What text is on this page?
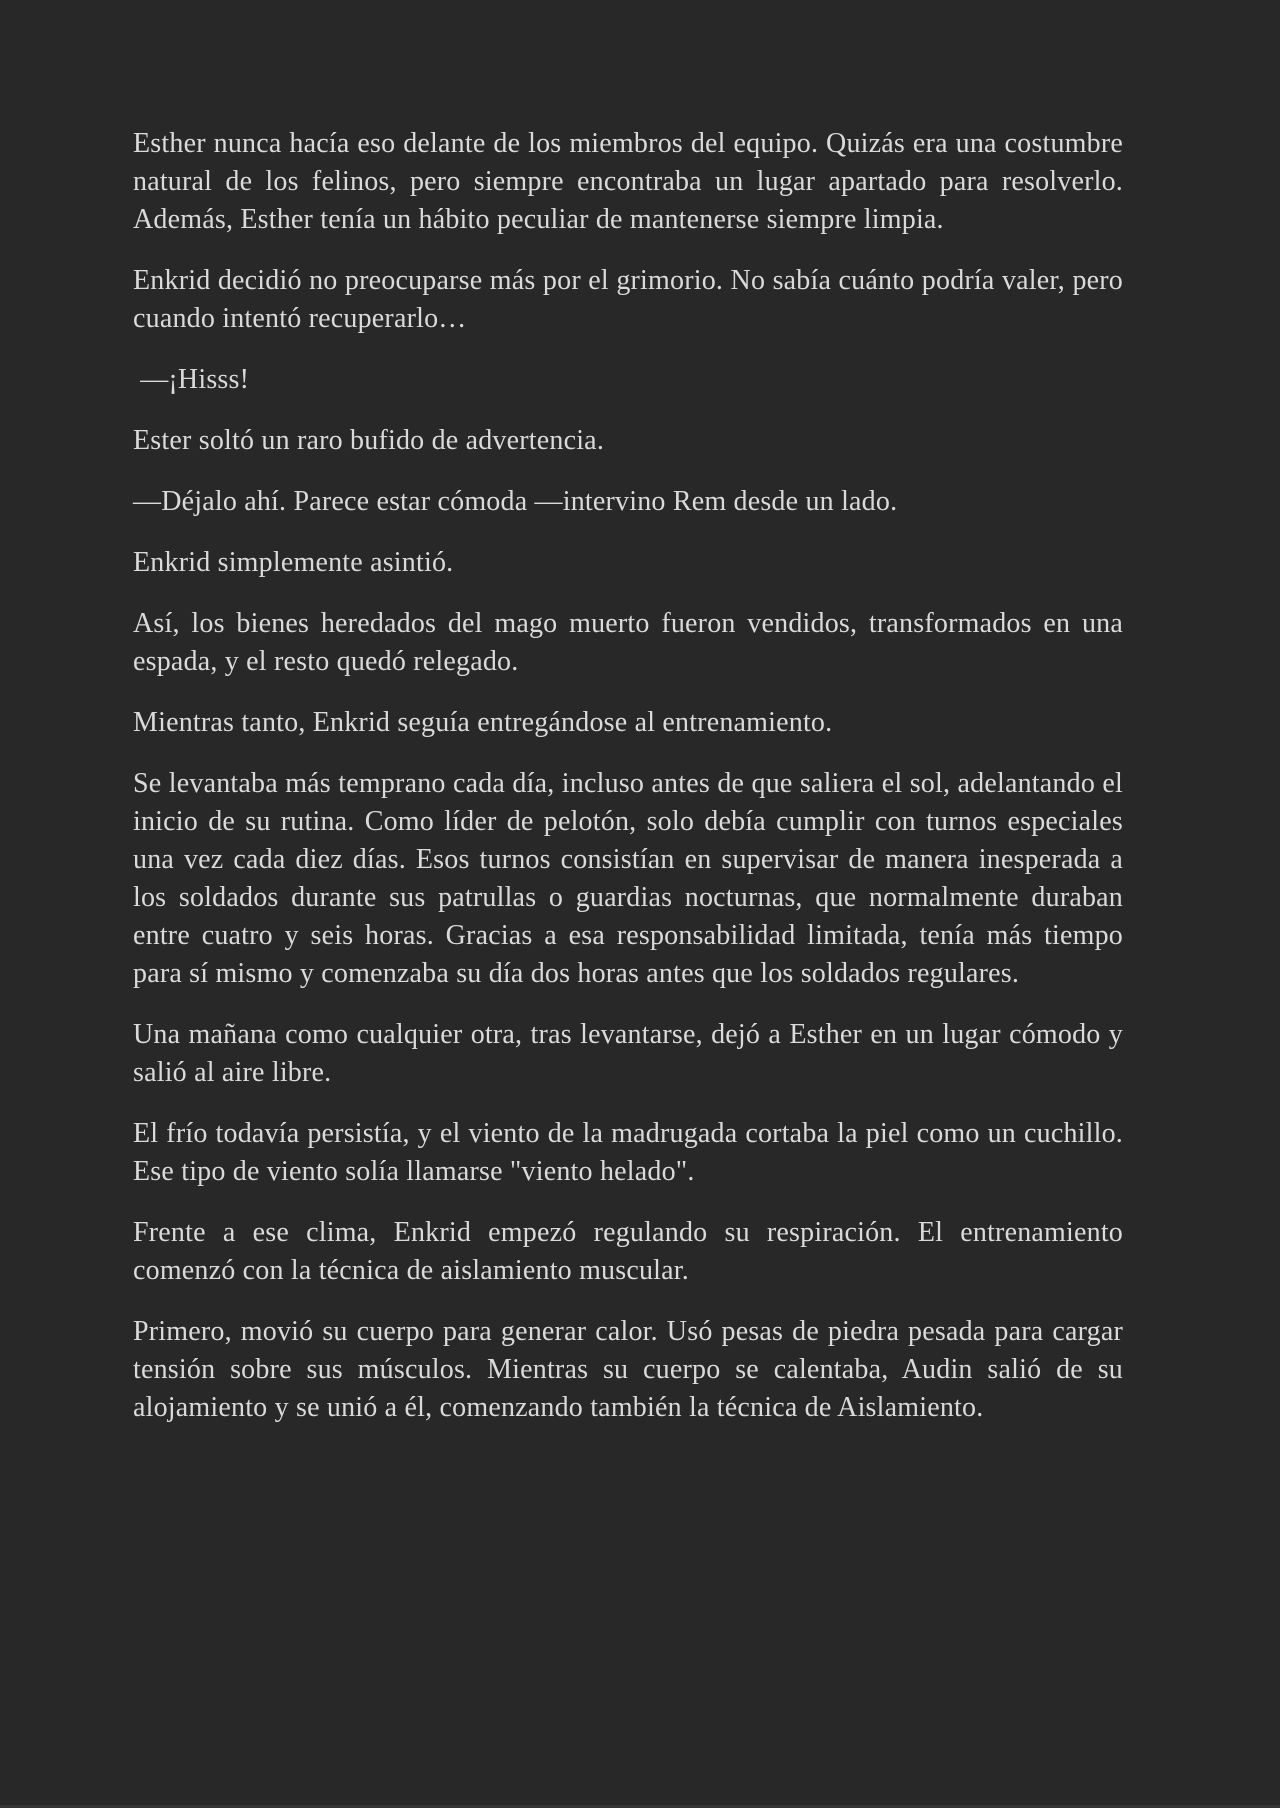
Esther nunca hacía eso delante de los miembros del equipo. Quizás era una costumbre natural de los felinos, pero siempre encontraba un lugar apartado para resolverlo. Además, Esther tenía un hábito peculiar de mantenerse siempre limpia.

Enkrid decidió no preocuparse más por el grimorio. No sabía cuánto podría valer, pero cuando intentó recuperarlo…

—¡Hisss!

Ester soltó un raro bufido de advertencia.

—Déjalo ahí. Parece estar cómoda —intervino Rem desde un lado.

Enkrid simplemente asintió.

Así, los bienes heredados del mago muerto fueron vendidos, transformados en una espada, y el resto quedó relegado.

Mientras tanto, Enkrid seguía entregándose al entrenamiento.

Se levantaba más temprano cada día, incluso antes de que saliera el sol, adelantando el inicio de su rutina. Como líder de pelotón, solo debía cumplir con turnos especiales una vez cada diez días. Esos turnos consistían en supervisar de manera inesperada a los soldados durante sus patrullas o guardias nocturnas, que normalmente duraban entre cuatro y seis horas. Gracias a esa responsabilidad limitada, tenía más tiempo para sí mismo y comenzaba su día dos horas antes que los soldados regulares.

Una mañana como cualquier otra, tras levantarse, dejó a Esther en un lugar cómodo y salió al aire libre.

El frío todavía persistía, y el viento de la madrugada cortaba la piel como un cuchillo. Ese tipo de viento solía llamarse "viento helado".

Frente a ese clima, Enkrid empezó regulando su respiración. El entrenamiento comenzó con la técnica de aislamiento muscular.

Primero, movió su cuerpo para generar calor. Usó pesas de piedra pesada para cargar tensión sobre sus músculos. Mientras su cuerpo se calentaba, Audin salió de su alojamiento y se unió a él, comenzando también la técnica de Aislamiento.
